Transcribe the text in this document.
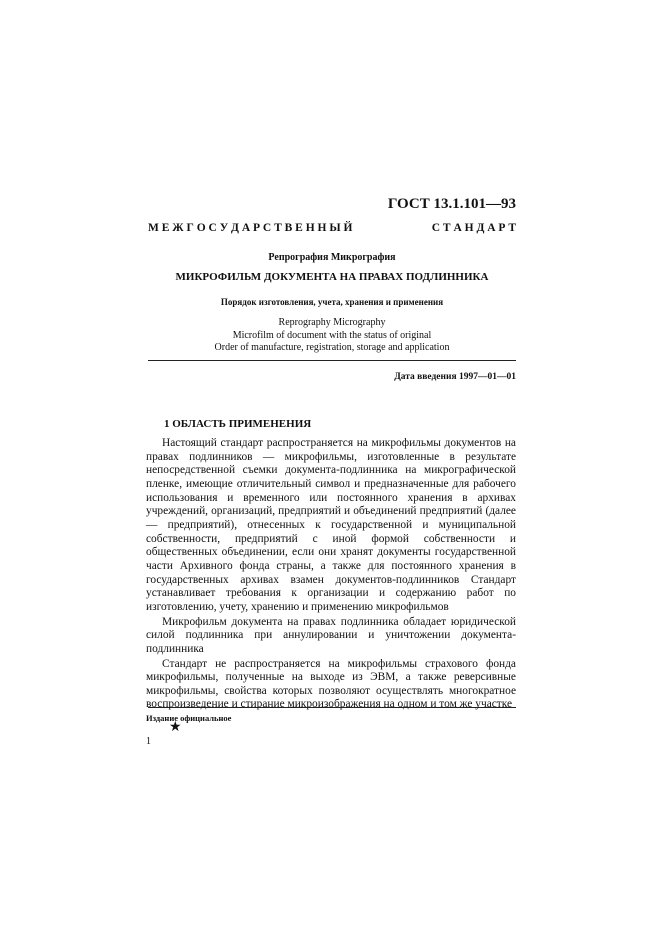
ГОСТ 13.1.101—93
М Е Ж Г О С У Д А Р С Т В Е Н Н Ы Й	С Т А Н Д А Р Т
Репрография Микрография
МИКРОФИЛЬМ ДОКУМЕНТА НА ПРАВАХ ПОДЛИННИКА
Порядок изготовления, учета, хранения и применения
Reprography Micrography
Microfilm of document with the status of original
Order of manufacture, registration, storage and application
Дата введения 1997—01—01
1 ОБЛАСТЬ ПРИМЕНЕНИЯ

Настоящий стандарт распространяется на микрофильмы документов на правах подлинников — микрофильмы, изготовленные в результате непосредственной съемки документа-подлинника на микрографической пленке, имеющие отличительный символ и предназначенные для рабочего использования и временного или постоянного хранения в архивах учреждений, организаций, предприятий и объединений предприятий (далее — предприятий), отнесенных к государственной и муниципальной собственности, предприятий с иной формой собственности и общественных объединении, если они хранят документы государственной части Архивного фонда страны, а также для постоянного хранения в государственных архивах взамен документов-подлинников Стандарт устанавливает требования к организации и содержанию работ по изготовлению, учету, хранению и применению микрофильмов

Микрофильм документа на правах подлинника обладает юридической силой подлинника при аннулировании и уничтожении документа-подлинника

Стандарт не распространяется на микрофильмы страхового фонда микрофильмы, полученные на выходе из ЭВМ, а также реверсивные микрофильмы, свойства которых позволяют осуществлять многократное воспроизведение и стирание микроизображения на одном и том же участке

Издание официальное
★
1
